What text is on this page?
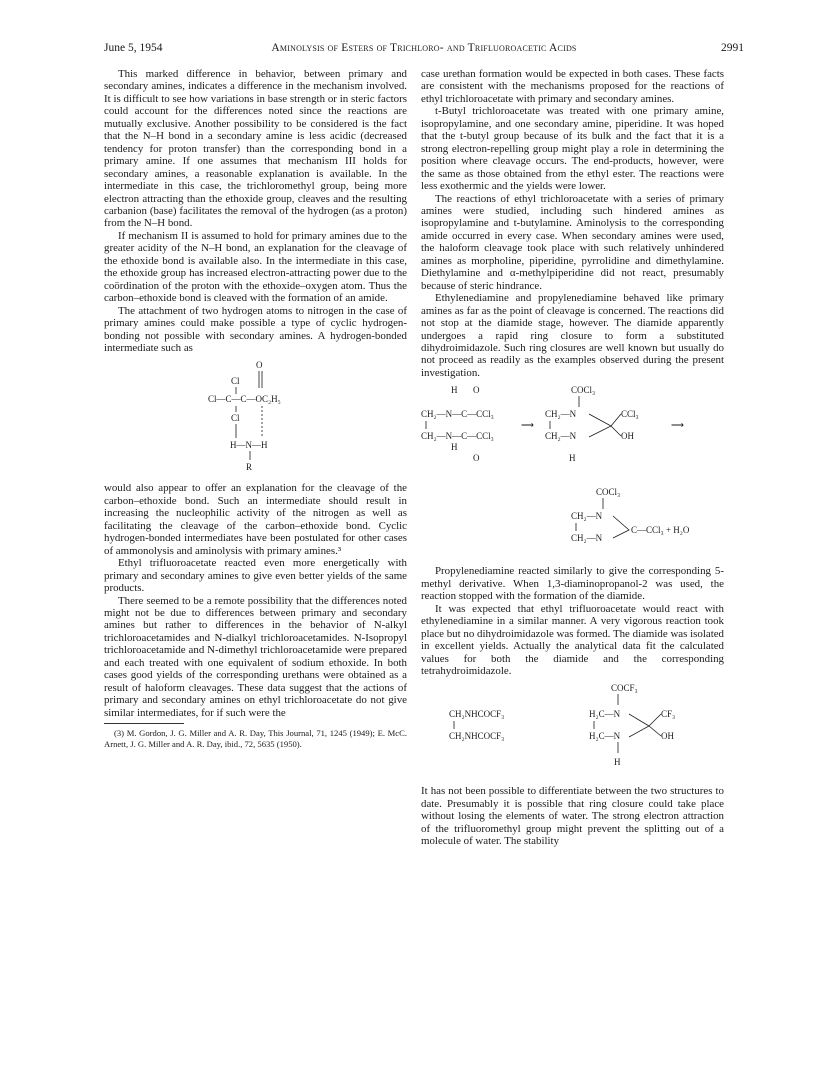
June 5, 1954	Aminolysis of Esters of Trichloro- and Trifluoroacetic Acids	2991

This marked difference in behavior, between primary and secondary amines, indicates a difference in the mechanism involved. It is difficult to see how variations in base strength or in steric factors could account for the differences noted since the reactions are mutually exclusive. Another possibility to be considered is the fact that the N–H bond in a secondary amine is less acidic (decreased tendency for proton transfer) than the corresponding bond in a primary amine. If one assumes that mechanism III holds for secondary amines, a reasonable explanation is available. In the intermediate in this case, the trichloromethyl group, being more electron attracting than the ethoxide group, cleaves and the resulting carbanion (base) facilitates the removal of the hydrogen (as a proton) from the N–H bond.

If mechanism II is assumed to hold for primary amines due to the greater acidity of the N–H bond, an explanation for the cleavage of the ethoxide bond is available also. In the intermediate in this case, the ethoxide group has increased electron-attracting power due to the coördination of the proton with the ethoxide–oxygen atom. Thus the carbon–ethoxide bond is cleaved with the formation of an amide.

The attachment of two hydrogen atoms to nitrogen in the case of primary amines could make possible a type of cyclic hydrogen-bonding not possible with secondary amines. A hydrogen-bonded intermediate such as

O
Cl
Cl—C—C—OC₂H₅
Cl
H—N—H
R

would also appear to offer an explanation for the cleavage of the carbon–ethoxide bond. Such an intermediate should result in increasing the nucleophilic activity of the nitrogen as well as facilitating the cleavage of the carbon–ethoxide bond. Cyclic hydrogen-bonded intermediates have been postulated for other cases of ammonolysis and aminolysis with primary amines.³

Ethyl trifluoroacetate reacted even more energetically with primary and secondary amines to give even better yields of the same products.

There seemed to be a remote possibility that the differences noted might not be due to differences between primary and secondary amines but rather to differences in the behavior of N-alkyl trichloroacetamides and N-dialkyl trichloroacetamides. N-Isopropyl trichloroacetamide and N-dimethyl trichloroacetamide were prepared and each treated with one equivalent of sodium ethoxide. In both cases good yields of the corresponding urethans were obtained as a result of haloform cleavages. These data suggest that the actions of primary and secondary amines on ethyl trichloroacetate do not give similar intermediates, for if such were the

(3) M. Gordon, J. G. Miller and A. R. Day, This Journal, 71, 1245 (1949); E. McC. Arnett, J. G. Miller and A. R. Day, ibid., 72, 5635 (1950).

case urethan formation would be expected in both cases. These facts are consistent with the mechanisms proposed for the reactions of ethyl trichloroacetate with primary and secondary amines.

t-Butyl trichloroacetate was treated with one primary amine, isopropylamine, and one secondary amine, piperidine. It was hoped that the t-butyl group because of its bulk and the fact that it is a strong electron-repelling group might play a role in determining the position where cleavage occurs. The end-products, however, were the same as those obtained from the ethyl ester. The reactions were less exothermic and the yields were lower.

The reactions of ethyl trichloroacetate with a series of primary amines were studied, including such hindered amines as isopropylamine and t-butylamine. Aminolysis to the corresponding amide occurred in every case. When secondary amines were used, the haloform cleavage took place with such relatively unhindered amines as morpholine, piperidine, pyrrolidine and dimethylamine. Diethylamine and α-methylpiperidine did not react, presumably because of steric hindrance.

Ethylenediamine and propylenediamine behaved like primary amines as far as the point of cleavage is concerned. The reactions did not stop at the diamide stage, however. The diamide apparently undergoes a rapid ring closure to form a substituted dihydroimidazole. Such ring closures are well known but usually do not proceed as readily as the examples observed during the present investigation.

H O
CH₂—N—C—CCl₃
CH₂—N—C—CCl₃
H
O
⟶
COCl₃
CH₂—N	CCl₃
CH₂—N	OH
H
⟶
COCl₃
CH₂—N
CH₂—N
C—CCl₃ + H₂O

Propylenediamine reacted similarly to give the corresponding 5-methyl derivative. When 1,3-diaminopropanol-2 was used, the reaction stopped with the formation of the diamide.

It was expected that ethyl trifluoroacetate would react with ethylenediamine in a similar manner. A very vigorous reaction took place but no dihydroimidazole was formed. The diamide was isolated in excellent yields. Actually the analytical data fit the calculated values for both the diamide and the corresponding tetrahydroimidazole.

COCF₃
CH₂NHCOCF₃
CH₂NHCOCF₃
H₂C—N	CF₃
H₂C—N	OH
H

It has not been possible to differentiate between the two structures to date. Presumably it is possible that ring closure could take place without losing the elements of water. The strong electron attraction of the trifluoromethyl group might prevent the splitting out of a molecule of water. The stability
